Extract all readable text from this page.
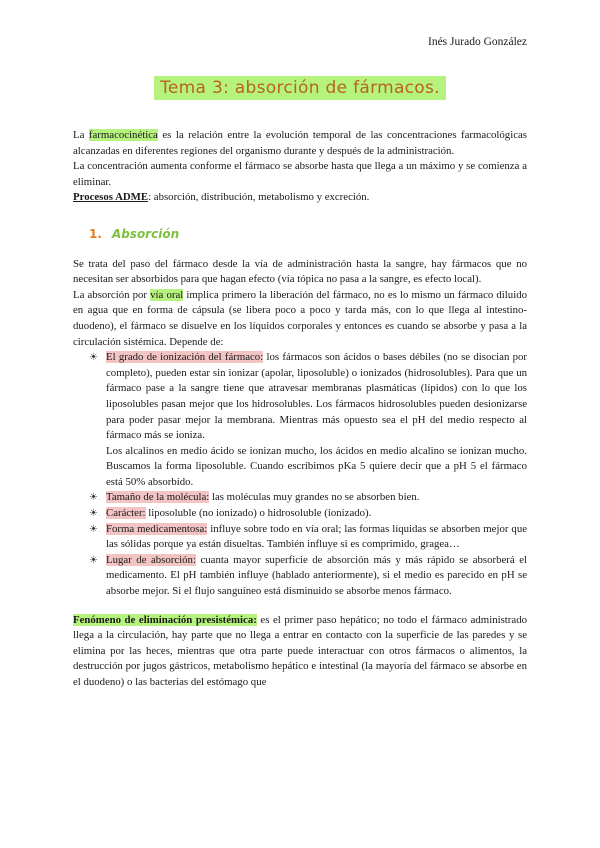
Inés Jurado González
Tema 3: absorción de fármacos.

La farmacocinética es la relación entre la evolución temporal de las concentraciones farmacológicas alcanzadas en diferentes regiones del organismo durante y después de la administración.

La concentración aumenta conforme el fármaco se absorbe hasta que llega a un máximo y se comienza a eliminar.

Procesos ADME: absorción, distribución, metabolismo y excreción.

1. Absorción

Se trata del paso del fármaco desde la vía de administración hasta la sangre, hay fármacos que no necesitan ser absorbidos para que hagan efecto (vía tópica no pasa a la sangre, es efecto local).

La absorción por vía oral implica primero la liberación del fármaco, no es lo mismo un fármaco diluido en agua que en forma de cápsula (se libera poco a poco y tarda más, con lo que llega al intestino-duodeno), el fármaco se disuelve en los líquidos corporales y entonces es cuando se absorbe y pasa a la circulación sistémica. Depende de:

☀ El grado de ionización del fármaco: los fármacos son ácidos o bases débiles (no se disocian por completo), pueden estar sin ionizar (apolar, liposoluble) o ionizados (hidrosolubles). Para que un fármaco pase a la sangre tiene que atravesar membranas plasmáticas (lípidos) con lo que los liposolubles pasan mejor que los hidrosolubles. Los fármacos hidrosolubles pueden desionizarse para poder pasar mejor la membrana. Mientras más opuesto sea el pH del medio respecto al fármaco más se ioniza.
Los alcalinos en medio ácido se ionizan mucho, los ácidos en medio alcalino se ionizan mucho. Buscamos la forma liposoluble. Cuando escribimos pKa 5 quiere decir que a pH 5 el fármaco está 50% absorbido.
☀ Tamaño de la molécula: las moléculas muy grandes no se absorben bien.
☀ Carácter: liposoluble (no ionizado) o hidrosoluble (ionizado).
☀ Forma medicamentosa: influye sobre todo en vía oral; las formas líquidas se absorben mejor que las sólidas porque ya están disueltas. También influye si es comprimido, gragea…
☀ Lugar de absorción: cuanta mayor superficie de absorción más y más rápido se absorberá el medicamento. El pH también influye (hablado anteriormente), si el medio es parecido en pH se absorbe mejor. Si el flujo sanguíneo está disminuido se absorbe menos fármaco.

Fenómeno de eliminación presistémica: es el primer paso hepático; no todo el fármaco administrado llega a la circulación, hay parte que no llega a entrar en contacto con la superficie de las paredes y se elimina por las heces, mientras que otra parte puede interactuar con otros fármacos o alimentos, la destrucción por jugos gástricos, metabolismo hepático e intestinal (la mayoría del fármaco se absorbe en el duodeno) o las bacterias del estómago que
